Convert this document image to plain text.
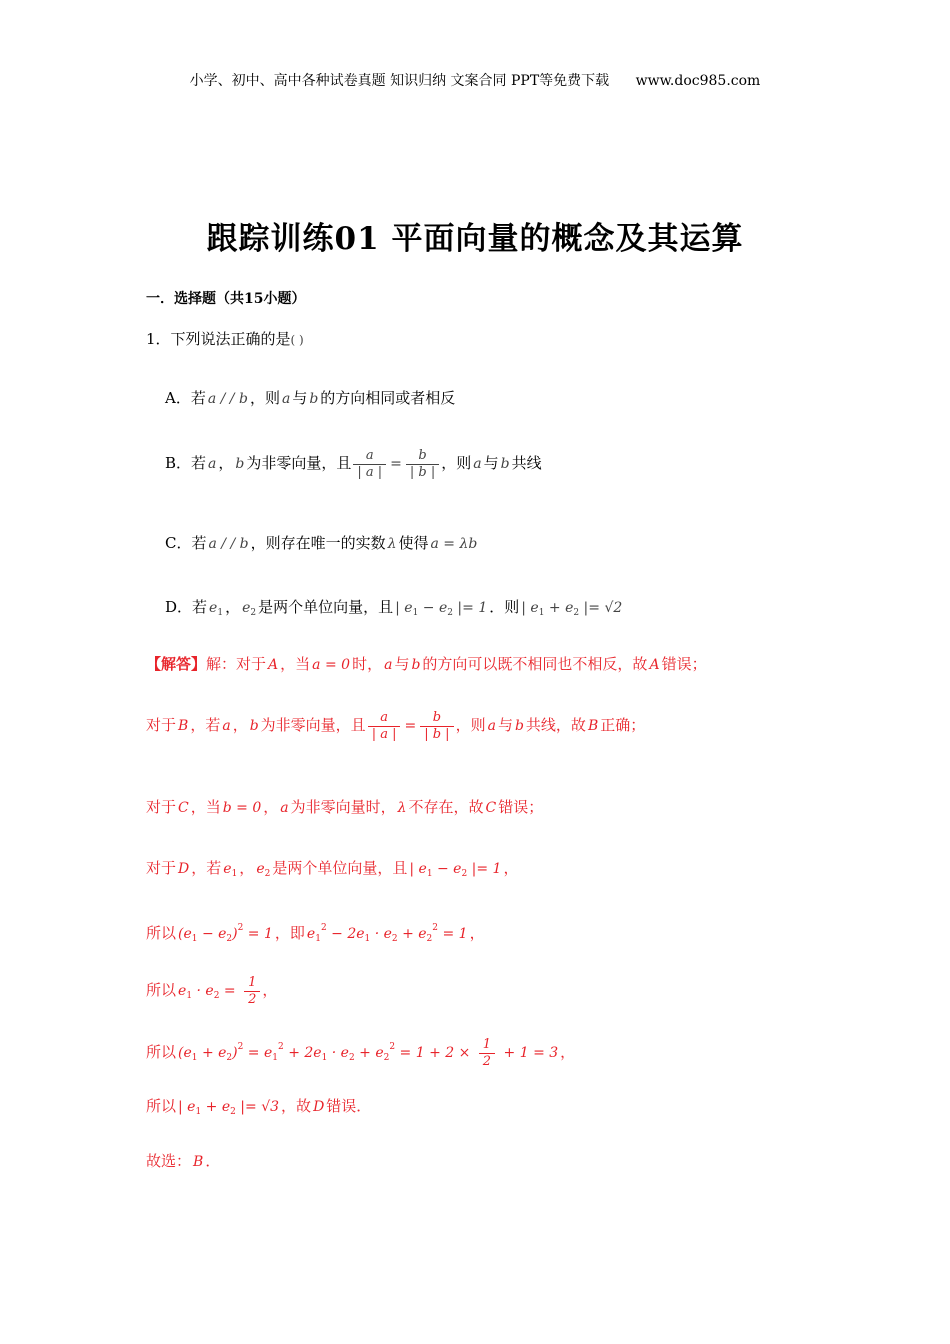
小学、初中、高中各种试卷真题 知识归纳 文案合同 PPT等免费下载 www.doc985.com
跟踪训练01 平面向量的概念及其运算
一．选择题（共15小题）
1．下列说法正确的是( )
A．若 a / / b ，则 a 与 b 的方向相同或者相反
B．若 a ， b 为非零向量，且 $\frac{a}{| a |} = \frac{b}{| b |}$ ，则 a 与 b 共线
C．若 a / / b ，则存在唯一的实数 λ 使得 a = λb
D．若 $e_1$ ， $e_2$ 是两个单位向量，且 | $e_1 - e_2$ |= 1 ．则 | $e_1 + e_2$ |= √2
【解答】解：对于 A ，当 a = 0 时， a 与 b 的方向可以既不相同也不相反，故 A 错误；
对于 B ，若 a ， b 为非零向量，且 $\frac{a}{| a |} = \frac{b}{| b |}$ ，则 a 与 b 共线，故 B 正确；
对于 C ，当 b = 0 ， a 为非零向量时， λ 不存在，故 C 错误；
对于 D ，若 $e_1$ ， $e_2$ 是两个单位向量，且 | $e_1 - e_2$ |= 1 ，
所以 $(e_1 - e_2)^2 = 1$ ，即 $e_1^2 - 2e_1 \cdot e_2 + e_2^2 = 1$ ，
所以 $e_1 \cdot e_2 = \frac{1}{2}$ ，
所以 $(e_1 + e_2)^2 = e_1^2 + 2e_1 \cdot e_2 + e_2^2 = 1 + 2 \times \frac{1}{2} + 1 = 3$ ，
所以 | $e_1 + e_2$ |= √3 ，故 D 错误．
故选： B ．
